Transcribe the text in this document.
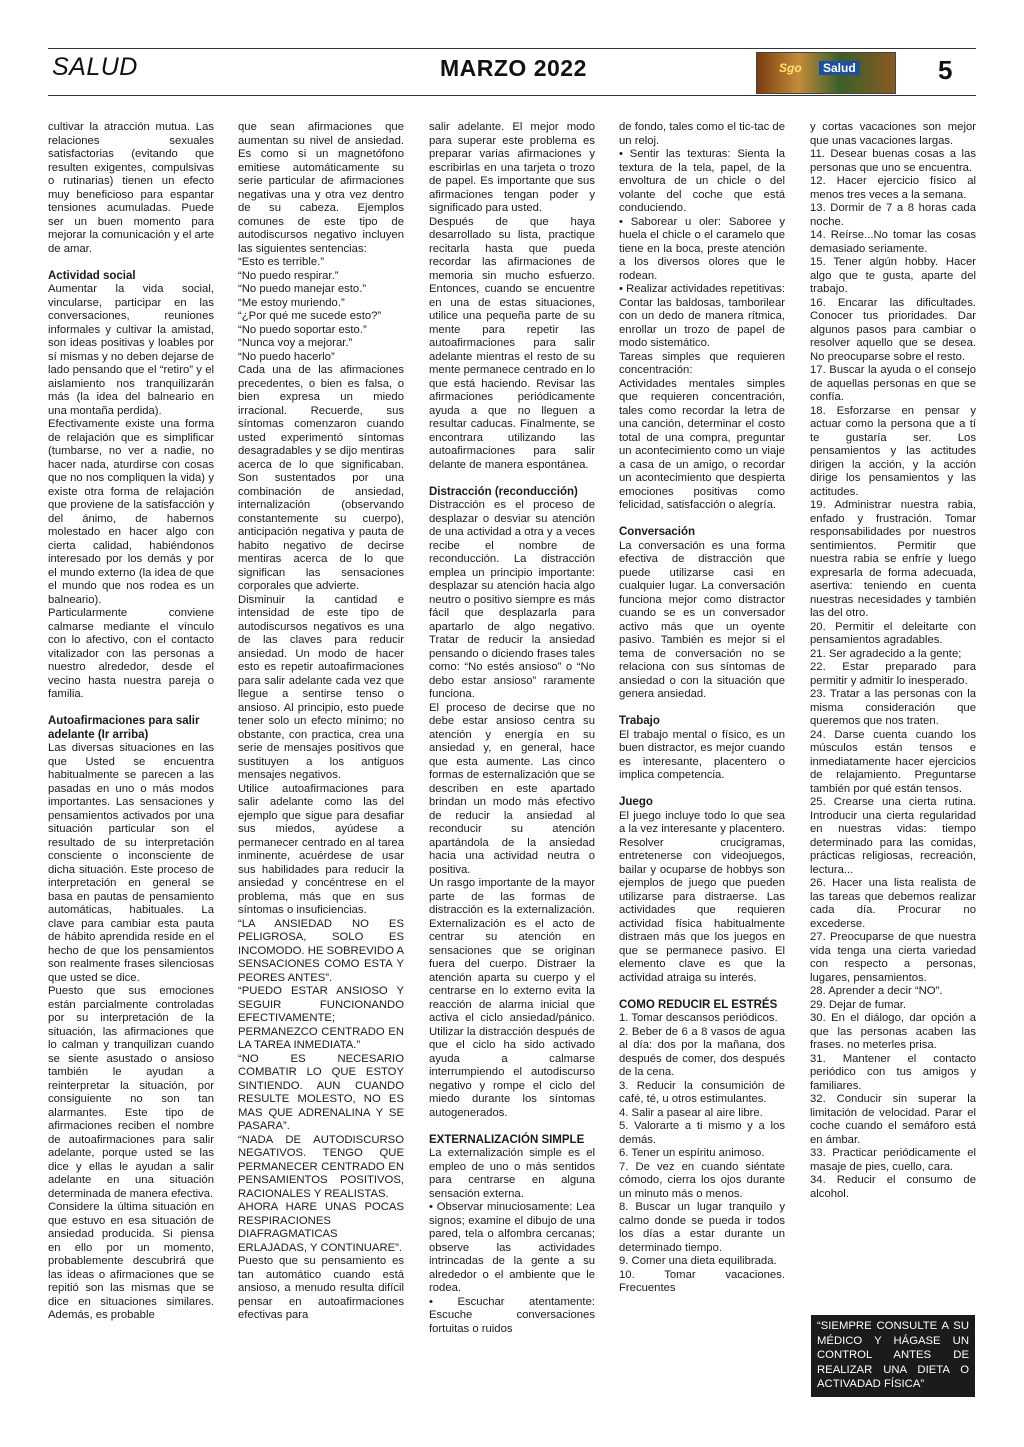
SALUD	MARZO 2022	Sgo	Salud	5

cultivar la atracción mutua. Las relaciones sexuales satisfactorias (evitando que resulten exigentes, compulsivas o rutinarias) tienen un efecto muy beneficioso para espantar tensiones acumuladas. Puede ser un buen momento para mejorar la comunicación y el arte de amar.

Actividad social

Aumentar la vida social, vincularse, participar en las conversaciones, reuniones informales y cultivar la amistad, son ideas positivas y loables por sí mismas y no deben dejarse de lado pensando que el “retiro” y el aislamiento nos tranquilizarán más (la idea del balneario en una montaña perdida).

Efectivamente existe una forma de relajación que es simplificar (tumbarse, no ver a nadie, no hacer nada, aturdirse con cosas que no nos compliquen la vida) y existe otra forma de relajación que proviene de la satisfacción y del ánimo, de habernos molestado en hacer algo con cierta calidad, habiéndonos interesado por los demás y por el mundo externo (la idea de que el mundo que nos rodea es un balneario).

Particularmente conviene calmarse mediante el vínculo con lo afectivo, con el contacto vitalizador con las personas a nuestro alrededor, desde el vecino hasta nuestra pareja o familia.

Autoafirmaciones para salir adelante (Ir arriba)

Las diversas situaciones en las que Usted se encuentra habitualmente se parecen a las pasadas en uno o más modos importantes. Las sensaciones y pensamientos activados por una situación particular son el resultado de su interpretación consciente o inconsciente de dicha situación. Este proceso de interpretación en general se basa en pautas de pensamiento automáticas, habituales. La clave para cambiar esta pauta de hábito aprendida reside en el hecho de que los pensamientos son realmente frases silenciosas que usted se dice.

Puesto que sus emociones están parcialmente controladas por su interpretación de la situación, las afirmaciones que lo calman y tranquilizan cuando se siente asustado o ansioso también le ayudan a reinterpretar la situación, por consiguiente no son tan alarmantes. Este tipo de afirmaciones reciben el nombre de autoafirmaciones para salir adelante, porque usted se las dice y ellas le ayudan a salir adelante en una situación determinada de manera efectiva.

Considere la última situación en que estuvo en esa situación de ansiedad producida. Si piensa en ello por un momento, probablemente descubrirá que las ideas o afirmaciones que se repitió son las mismas que se dice en situaciones similares. Además, es probable

que sean afirmaciones que aumentan su nivel de ansiedad. Es como si un magnetófono emitiese automáticamente su serie particular de afirmaciones negativas una y otra vez dentro de su cabeza. Ejemplos comunes de este tipo de autodiscursos negativo incluyen las siguientes sentencias:

“Esto es terrible.”

“No puedo respirar.”

“No puedo manejar esto.”

“Me estoy muriendo.”

“¿Por qué me sucede esto?”

“No puedo soportar esto.”

“Nunca voy a mejorar.”

“No puedo hacerlo”

Cada una de las afirmaciones precedentes, o bien es falsa, o bien expresa un miedo irracional. Recuerde, sus síntomas comenzaron cuando usted experimentó síntomas desagradables y se dijo mentiras acerca de lo que significaban. Son sustentados por una combinación de ansiedad, internalización (observando constantemente su cuerpo), anticipación negativa y pauta de habito negativo de decirse mentiras acerca de lo que significan las sensaciones corporales que advierte.

Disminuir la cantidad e intensidad de este tipo de autodiscursos negativos es una de las claves para reducir ansiedad. Un modo de hacer esto es repetir autoafirmaciones para salir adelante cada vez que llegue a sentirse tenso o ansioso. Al principio, esto puede tener solo un efecto mínimo; no obstante, con practica, crea una serie de mensajes positivos que sustituyen a los antiguos mensajes negativos.

Utilice autoafirmaciones para salir adelante como las del ejemplo que sigue para desafiar sus miedos, ayúdese a permanecer centrado en al tarea inminente, acuérdese de usar sus habilidades para reducir la ansiedad y concéntrese en el problema, más que en sus síntomas o insuficiencias.

“LA ANSIEDAD NO ES PELIGROSA, SOLO ES INCOMODO. HE SOBREVIDO A SENSACIONES COMO ESTA Y PEORES ANTES”.

“PUEDO ESTAR ANSIOSO Y SEGUIR FUNCIONANDO EFECTIVAMENTE; PERMANEZCO CENTRADO EN LA TAREA INMEDIATA.”

“NO ES NECESARIO COMBATIR LO QUE ESTOY SINTIENDO. AUN CUANDO RESULTE MOLESTO, NO ES MAS QUE ADRENALINA Y SE PASARA”.

“NADA DE AUTODISCURSO NEGATIVOS. TENGO QUE PERMANECER CENTRADO EN PENSAMIENTOS POSITIVOS, RACIONALES Y REALISTAS.

AHORA HARE UNAS POCAS RESPIRACIONES DIAFRAGMATICAS ERLAJADAS, Y CONTINUARE”.

Puesto que su pensamiento es tan automático cuando está ansioso, a menudo resulta difícil pensar en autoafirmaciones efectivas para

salir adelante. El mejor modo para superar este problema es preparar varias afirmaciones y escribirlas en una tarjeta o trozo de papel. Es importante que sus afirmaciones tengan poder y significado para usted.

Después de que haya desarrollado su lista, practique recitarla hasta que pueda recordar las afirmaciones de memoria sin mucho esfuerzo. Entonces, cuando se encuentre en una de estas situaciones, utilice una pequeña parte de su mente para repetir las autoafirmaciones para salir adelante mientras el resto de su mente permanece centrado en lo que está haciendo. Revisar las afirmaciones periódicamente ayuda a que no lleguen a resultar caducas. Finalmente, se encontrara utilizando las autoafirmaciones para salir delante de manera espontánea.

Distracción (reconducción)

Distracción es el proceso de desplazar o desviar su atención de una actividad a otra y a veces recibe el nombre de reconducción. La distracción emplea un principio importante: desplazar su atención hacia algo neutro o positivo siempre es más fácil que desplazarla para apartarlo de algo negativo. Tratar de reducir la ansiedad pensando o diciendo frases tales como: “No estés ansioso” o “No debo estar ansioso” raramente funciona.

El proceso de decirse que no debe estar ansioso centra su atención y energía en su ansiedad y, en general, hace que esta aumente. Las cinco formas de esternalización que se describen en este apartado brindan un modo más efectivo de reducir la ansiedad al reconducir su atención apartándola de la ansiedad hacia una actividad neutra o positiva.

Un rasgo importante de la mayor parte de las formas de distracción es la externalización. Externalización es el acto de centrar su atención en sensaciones que se originan fuera del cuerpo. Distraer la atención aparta su cuerpo y el centrarse en lo externo evita la reacción de alarma inicial que activa el ciclo ansiedad/pánico. Utilizar la distracción después de que el ciclo ha sido activado ayuda a calmarse interrumpiendo el autodiscurso negativo y rompe el ciclo del miedo durante los síntomas autogenerados.

EXTERNALIZACIÓN SIMPLE

La externalización simple es el empleo de uno o más sentidos para centrarse en alguna sensación externa.

• Observar minuciosamente: Lea signos; examine el dibujo de una pared, tela o alfombra cercanas; observe las actividades intrincadas de la gente a su alrededor o el ambiente que le rodea.

• Escuchar atentamente: Escuche conversaciones fortuitas o ruidos

de fondo, tales como el tic-tac de un reloj.

• Sentir las texturas: Sienta la textura de la tela, papel, de la envoltura de un chicle o del volante del coche que está conduciendo.

• Saborear u oler: Saboree y huela el chicle o el caramelo que tiene en la boca, preste atención a los diversos olores que le rodean.

• Realizar actividades repetitivas: Contar las baldosas, tamborilear con un dedo de manera rítmica, enrollar un trozo de papel de modo sistemático.

Tareas simples que requieren concentración:

Actividades mentales simples que requieren concentración, tales como recordar la letra de una canción, determinar el costo total de una compra, preguntar un acontecimiento como un viaje a casa de un amigo, o recordar un acontecimiento que despierta emociones positivas como felicidad, satisfacción o alegría.

Conversación

La conversación es una forma efectiva de distracción que puede utilizarse casi en cualquier lugar. La conversación funciona mejor como distractor cuando se es un conversador activo más que un oyente pasivo. También es mejor si el tema de conversación no se relaciona con sus síntomas de ansiedad o con la situación que genera ansiedad.

Trabajo

El trabajo mental o físico, es un buen distractor, es mejor cuando es interesante, placentero o implica competencia.

Juego

El juego incluye todo lo que sea a la vez interesante y placentero. Resolver crucigramas, entretenerse con videojuegos, bailar y ocuparse de hobbys son ejemplos de juego que pueden utilizarse para distraerse. Las actividades que requieren actividad física habitualmente distraen más que los juegos en que se permanece pasivo. El elemento clave es que la actividad atraiga su interés.

COMO REDUCIR EL ESTRÉS

1. Tomar descansos periódicos.

2. Beber de 6 a 8 vasos de agua al día: dos por la mañana, dos después de comer, dos después de la cena.

3. Reducir la consumición de café, té, u otros estimulantes.

4. Salir a pasear al aire libre.

5. Valorarte a ti mismo y a los demás.

6. Tener un espíritu animoso.

7. De vez en cuando siéntate cómodo, cierra los ojos durante un minuto más o menos.

8. Buscar un lugar tranquilo y calmo donde se pueda ir todos los días a estar durante un determinado tiempo.

9. Comer una dieta equilibrada.

10. Tomar vacaciones. Frecuentes

y cortas vacaciones son mejor que unas vacaciones largas.

11. Desear buenas cosas a las personas que uno se encuentra.

12. Hacer ejercicio físico al menos tres veces a la semana.

13. Dormir de 7 a 8 horas cada noche.

14. Reírse...No tomar las cosas demasiado seriamente.

15. Tener algún hobby. Hacer algo que te gusta, aparte del trabajo.

16. Encarar las dificultades. Conocer tus prioridades. Dar algunos pasos para cambiar o resolver aquello que se desea. No preocuparse sobre el resto.

17. Buscar la ayuda o el consejo de aquellas personas en que se confía.

18. Esforzarse en pensar y actuar como la persona que a tí te gustaría ser. Los pensamientos y las actitudes dirigen la acción, y la acción dirige los pensamientos y las actitudes.

19. Administrar nuestra rabia, enfado y frustración. Tomar responsabilidades por nuestros sentimientos. Permitir que nuestra rabia se enfríe y luego expresarla de forma adecuada, asertiva: teniendo en cuenta nuestras necesidades y también las del otro.

20. Permitir el deleitarte con pensamientos agradables.

21. Ser agradecido a la gente;

22. Estar preparado para permitir y admitir lo inesperado.

23. Tratar a las personas con la misma consideración que queremos que nos traten.

24. Darse cuenta cuando los músculos están tensos e inmediatamente hacer ejercicios de relajamiento. Preguntarse también por qué están tensos.

25. Crearse una cierta rutina. Introducir una cierta regularidad en nuestras vidas: tiempo determinado para las comidas, prácticas religiosas, recreación, lectura...

26. Hacer una lista realista de las tareas que debemos realizar cada día. Procurar no excederse.

27. Preocuparse de que nuestra vida tenga una cierta variedad con respecto a personas, lugares, pensamientos.

28. Aprender a decir “NO”.

29. Dejar de fumar.

30. En el diálogo, dar opción a que las personas acaben las frases. no meterles prisa.

31. Mantener el contacto periódico con tus amigos y familiares.

32. Conducir sin superar la limitación de velocidad. Parar el coche cuando el semáforo está en ámbar.

33. Practicar periódicamente el masaje de pies, cuello, cara.

34. Reducir el consumo de alcohol.

“SIEMPRE CONSULTE A SU MÉDICO Y HÁGASE UN CONTROL ANTES DE REALIZAR UNA DIETA O ACTIVADAD FÍSICA”
